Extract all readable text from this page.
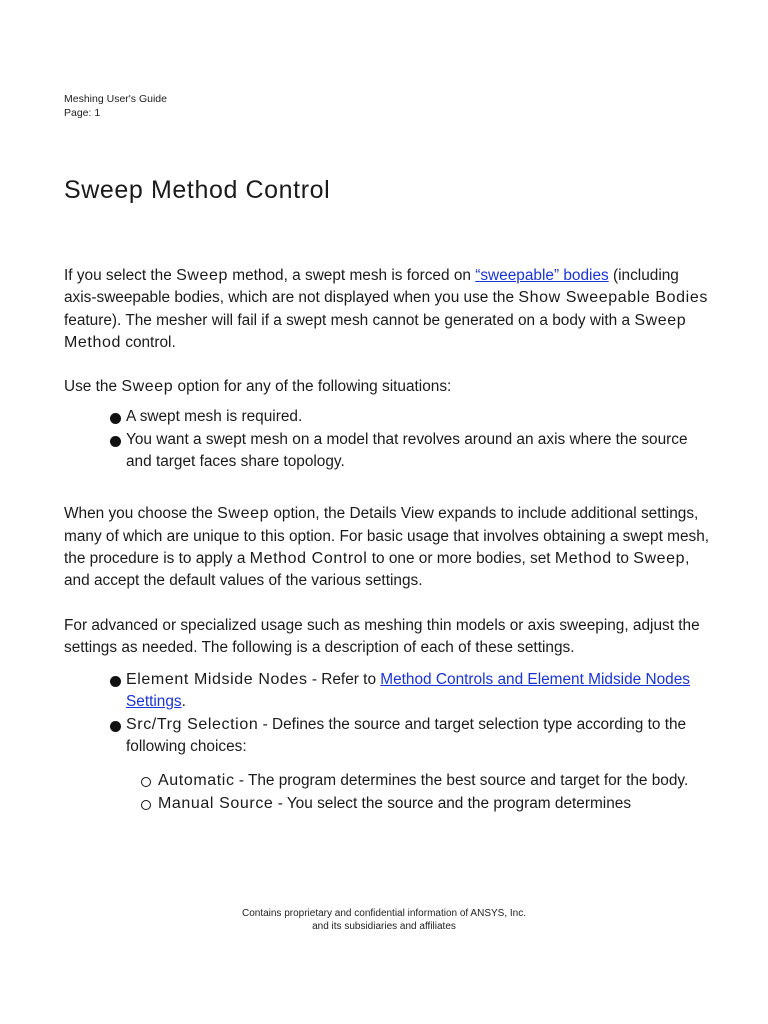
Meshing User's Guide
Page: 1
Sweep Method Control

If you select the Sweep method, a swept mesh is forced on “sweepable” bodies (including axis-sweepable bodies, which are not displayed when you use the Show Sweepable Bodies feature). The mesher will fail if a swept mesh cannot be generated on a body with a Sweep Method control.

Use the Sweep option for any of the following situations:

A swept mesh is required.
You want a swept mesh on a model that revolves around an axis where the source and target faces share topology.

When you choose the Sweep option, the Details View expands to include additional settings, many of which are unique to this option. For basic usage that involves obtaining a swept mesh, the procedure is to apply a Method Control to one or more bodies, set Method to Sweep, and accept the default values of the various settings.

For advanced or specialized usage such as meshing thin models or axis sweeping, adjust the settings as needed. The following is a description of each of these settings.

Element Midside Nodes - Refer to Method Controls and Element Midside Nodes Settings.
Src/Trg Selection - Defines the source and target selection type according to the following choices:
Automatic - The program determines the best source and target for the body.
Manual Source - You select the source and the program determines
Contains proprietary and confidential information of ANSYS, Inc.
and its subsidiaries and affiliates
